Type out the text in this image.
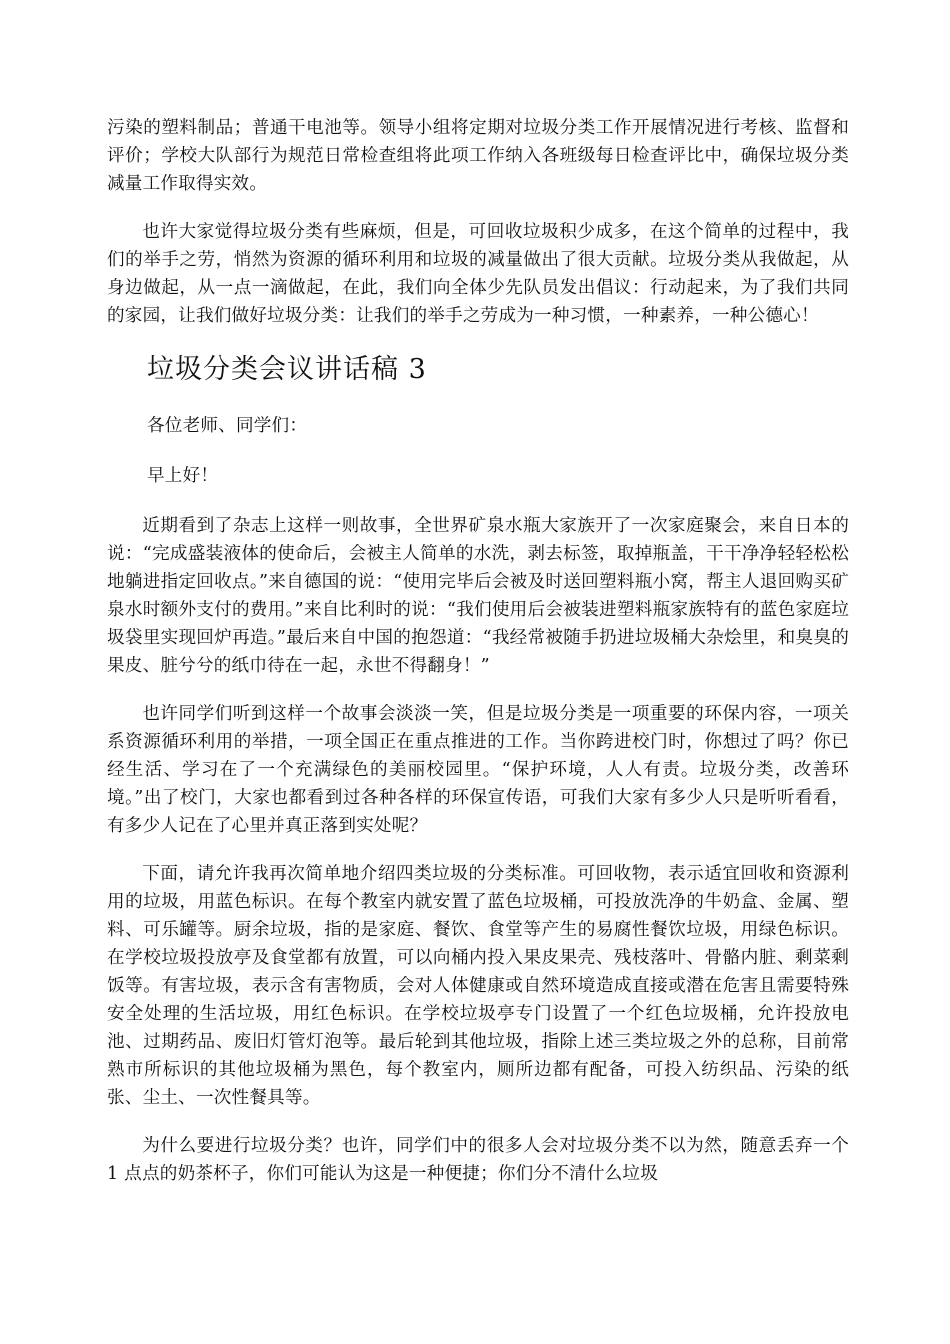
污染的塑料制品；普通干电池等。领导小组将定期对垃圾分类工作开展情况进行考核、监督和评价；学校大队部行为规范日常检查组将此项工作纳入各班级每日检查评比中，确保垃圾分类减量工作取得实效。

也许大家觉得垃圾分类有些麻烦，但是，可回收垃圾积少成多，在这个简单的过程中，我们的举手之劳，悄然为资源的循环利用和垃圾的减量做出了很大贡献。垃圾分类从我做起，从身边做起，从一点一滴做起，在此，我们向全体少先队员发出倡议：行动起来，为了我们共同的家园，让我们做好垃圾分类：让我们的举手之劳成为一种习惯，一种素养，一种公德心！

垃圾分类会议讲话稿 3

各位老师、同学们：

早上好！

近期看到了杂志上这样一则故事，全世界矿泉水瓶大家族开了一次家庭聚会，来自日本的说：“完成盛装液体的使命后，会被主人简单的水洗，剥去标签，取掉瓶盖，干干净净轻轻松松地躺进指定回收点。”来自德国的说：“使用完毕后会被及时送回塑料瓶小窝，帮主人退回购买矿泉水时额外支付的费用。”来自比利时的说：“我们使用后会被装进塑料瓶家族特有的蓝色家庭垃圾袋里实现回炉再造。”最后来自中国的抱怨道：“我经常被随手扔进垃圾桶大杂烩里，和臭臭的果皮、脏兮兮的纸巾待在一起，永世不得翻身！”

也许同学们听到这样一个故事会淡淡一笑，但是垃圾分类是一项重要的环保内容，一项关系资源循环利用的举措，一项全国正在重点推进的工作。当你跨进校门时，你想过了吗？你已经生活、学习在了一个充满绿色的美丽校园里。“保护环境，人人有责。垃圾分类，改善环境。”出了校门，大家也都看到过各种各样的环保宣传语，可我们大家有多少人只是听听看看，有多少人记在了心里并真正落到实处呢？

下面，请允许我再次简单地介绍四类垃圾的分类标准。可回收物，表示适宜回收和资源利用的垃圾，用蓝色标识。在每个教室内就安置了蓝色垃圾桶，可投放洗净的牛奶盒、金属、塑料、可乐罐等。厨余垃圾，指的是家庭、餐饮、食堂等产生的易腐性餐饮垃圾，用绿色标识。在学校垃圾投放亭及食堂都有放置，可以向桶内投入果皮果壳、残枝落叶、骨骼内脏、剩菜剩饭等。有害垃圾，表示含有害物质，会对人体健康或自然环境造成直接或潜在危害且需要特殊安全处理的生活垃圾，用红色标识。在学校垃圾亭专门设置了一个红色垃圾桶，允许投放电池、过期药品、废旧灯管灯泡等。最后轮到其他垃圾，指除上述三类垃圾之外的总称，目前常熟市所标识的其他垃圾桶为黑色，每个教室内，厕所边都有配备，可投入纺织品、污染的纸张、尘土、一次性餐具等。

为什么要进行垃圾分类？也许，同学们中的很多人会对垃圾分类不以为然，随意丢弃一个 1 点点的奶茶杯子，你们可能认为这是一种便捷；你们分不清什么垃圾
